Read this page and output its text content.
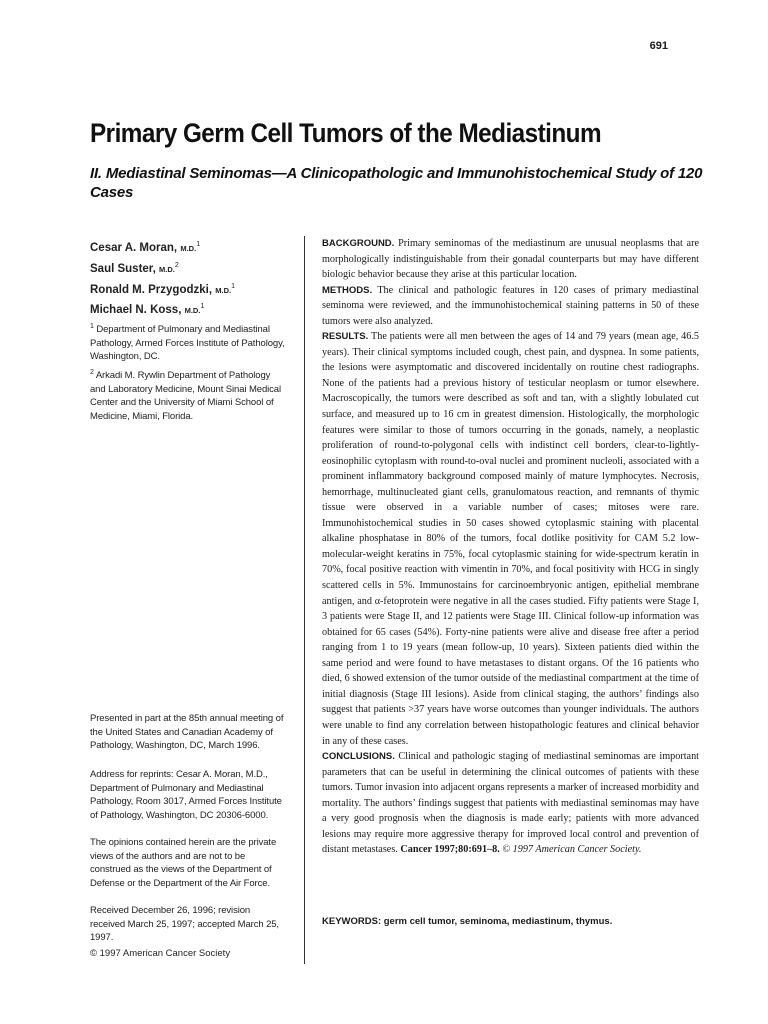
691
Primary Germ Cell Tumors of the Mediastinum
II. Mediastinal Seminomas—A Clinicopathologic and Immunohistochemical Study of 120 Cases
Cesar A. Moran, M.D.$^1$
Saul Suster, M.D.$^2$
Ronald M. Przygodzki, M.D.$^1$
Michael N. Koss, M.D.$^1$
$^1$ Department of Pulmonary and Mediastinal Pathology, Armed Forces Institute of Pathology, Washington, DC.
$^2$ Arkadi M. Rywlin Department of Pathology and Laboratory Medicine, Mount Sinai Medical Center and the University of Miami School of Medicine, Miami, Florida.
Presented in part at the 85th annual meeting of the United States and Canadian Academy of Pathology, Washington, DC, March 1996.
Address for reprints: Cesar A. Moran, M.D., Department of Pulmonary and Mediastinal Pathology, Room 3017, Armed Forces Institute of Pathology, Washington, DC 20306-6000.
The opinions contained herein are the private views of the authors and are not to be construed as the views of the Department of Defense or the Department of the Air Force.
Received December 26, 1996; revision received March 25, 1997; accepted March 25, 1997.
© 1997 American Cancer Society

BACKGROUND. Primary seminomas of the mediastinum are unusual neoplasms that are morphologically indistinguishable from their gonadal counterparts but may have different biologic behavior because they arise at this particular location.

METHODS. The clinical and pathologic features in 120 cases of primary mediastinal seminoma were reviewed, and the immunohistochemical staining patterns in 50 of these tumors were also analyzed.

RESULTS. The patients were all men between the ages of 14 and 79 years (mean age, 46.5 years). Their clinical symptoms included cough, chest pain, and dyspnea. In some patients, the lesions were asymptomatic and discovered incidentally on routine chest radiographs. None of the patients had a previous history of testicular neoplasm or tumor elsewhere. Macroscopically, the tumors were described as soft and tan, with a slightly lobulated cut surface, and measured up to 16 cm in greatest dimension. Histologically, the morphologic features were similar to those of tumors occurring in the gonads, namely, a neoplastic proliferation of round-to-polygonal cells with indistinct cell borders, clear-to-lightly-eosinophilic cytoplasm with round-to-oval nuclei and prominent nucleoli, associated with a prominent inflammatory background composed mainly of mature lymphocytes. Necrosis, hemorrhage, multinucleated giant cells, granulomatous reaction, and remnants of thymic tissue were observed in a variable number of cases; mitoses were rare. Immunohistochemical studies in 50 cases showed cytoplasmic staining with placental alkaline phosphatase in 80% of the tumors, focal dotlike positivity for CAM 5.2 low-molecular-weight keratins in 75%, focal cytoplasmic staining for wide-spectrum keratin in 70%, focal positive reaction with vimentin in 70%, and focal positivity with HCG in singly scattered cells in 5%. Immunostains for carcinoembryonic antigen, epithelial membrane antigen, and α-fetoprotein were negative in all the cases studied. Fifty patients were Stage I, 3 patients were Stage II, and 12 patients were Stage III. Clinical follow-up information was obtained for 65 cases (54%). Forty-nine patients were alive and disease free after a period ranging from 1 to 19 years (mean follow-up, 10 years). Sixteen patients died within the same period and were found to have metastases to distant organs. Of the 16 patients who died, 6 showed extension of the tumor outside of the mediastinal compartment at the time of initial diagnosis (Stage III lesions). Aside from clinical staging, the authors’ findings also suggest that patients >37 years have worse outcomes than younger individuals. The authors were unable to find any correlation between histopathologic features and clinical behavior in any of these cases.

CONCLUSIONS. Clinical and pathologic staging of mediastinal seminomas are important parameters that can be useful in determining the clinical outcomes of patients with these tumors. Tumor invasion into adjacent organs represents a marker of increased morbidity and mortality. The authors’ findings suggest that patients with mediastinal seminomas may have a very good prognosis when the diagnosis is made early; patients with more advanced lesions may require more aggressive therapy for improved local control and prevention of distant metastases. Cancer 1997;80:691–8. © 1997 American Cancer Society.

KEYWORDS: germ cell tumor, seminoma, mediastinum, thymus.
